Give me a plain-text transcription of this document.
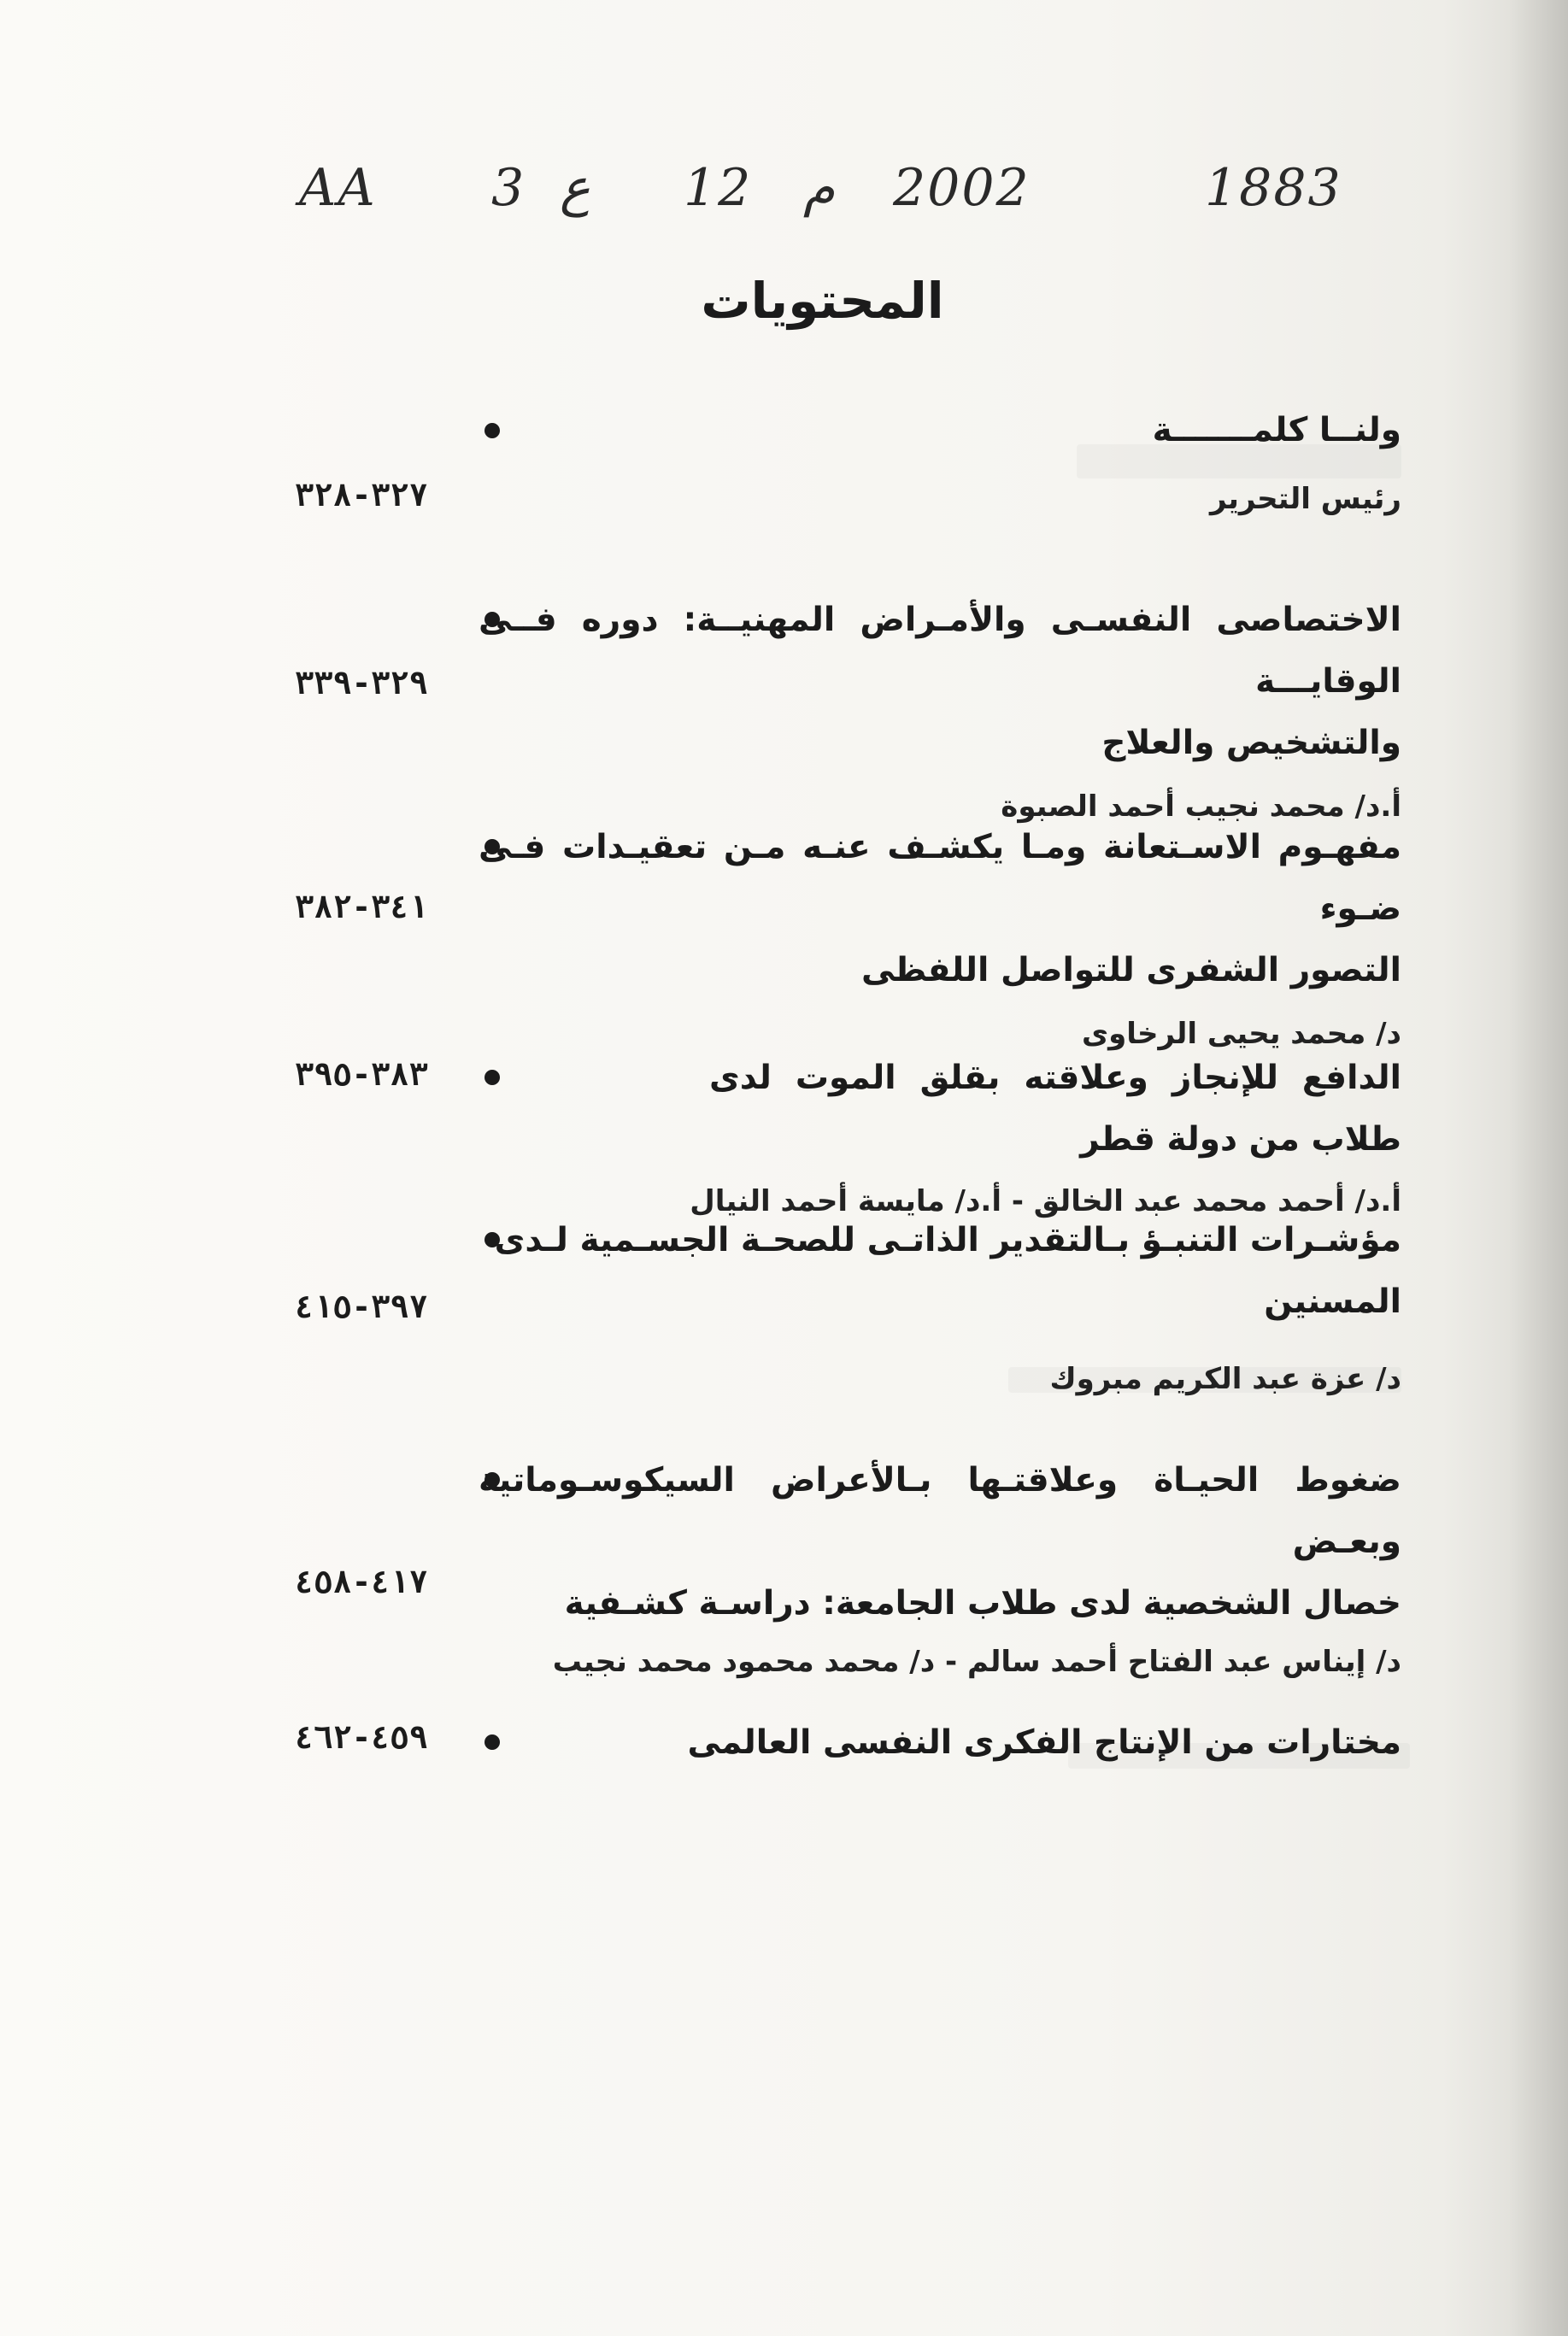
1883
2002
م
12
ع
3
AA
المحتويات
ولنــا كلمـــــــة
رئيس التحرير
٣٢٧-٣٢٨
الاختصاصى النفسـى والأمـراض المهنيــة: دوره فــى الوقايـــة
والتشخيص والعلاج
أ.د/ محمد نجيب أحمد الصبوة
٣٢٩-٣٣٩
مفهـوم الاسـتعانة ومـا يكشـف عنـه مـن تعقيـدات فـى ضـوء
التصور الشفرى للتواصل اللفظى
د/ محمد يحيى الرخاوى
٣٤١-٣٨٢
الدافع للإنجاز وعلاقته بقلق الموت لدى طلاب من دولة قطر
أ.د/ أحمد محمد عبد الخالق - أ.د/ مايسة أحمد النيال
٣٨٣-٣٩٥
مؤشـرات التنبـؤ بـالتقدير الذاتـى للصحـة الجسـمية لـدى
المسنين
د/ عزة عبد الكريم مبروك
٣٩٧-٤١٥
ضغوط الحيـاة وعلاقتـها بـالأعراض السيكوسـوماتية وبعـض
خصال الشخصية لدى طلاب الجامعة: دراسـة كشـفية
د/ إيناس عبد الفتاح أحمد سالم - د/ محمد محمود محمد نجيب
٤١٧-٤٥٨
مختارات من الإنتاج الفكرى النفسى العالمى
٤٥٩-٤٦٢
